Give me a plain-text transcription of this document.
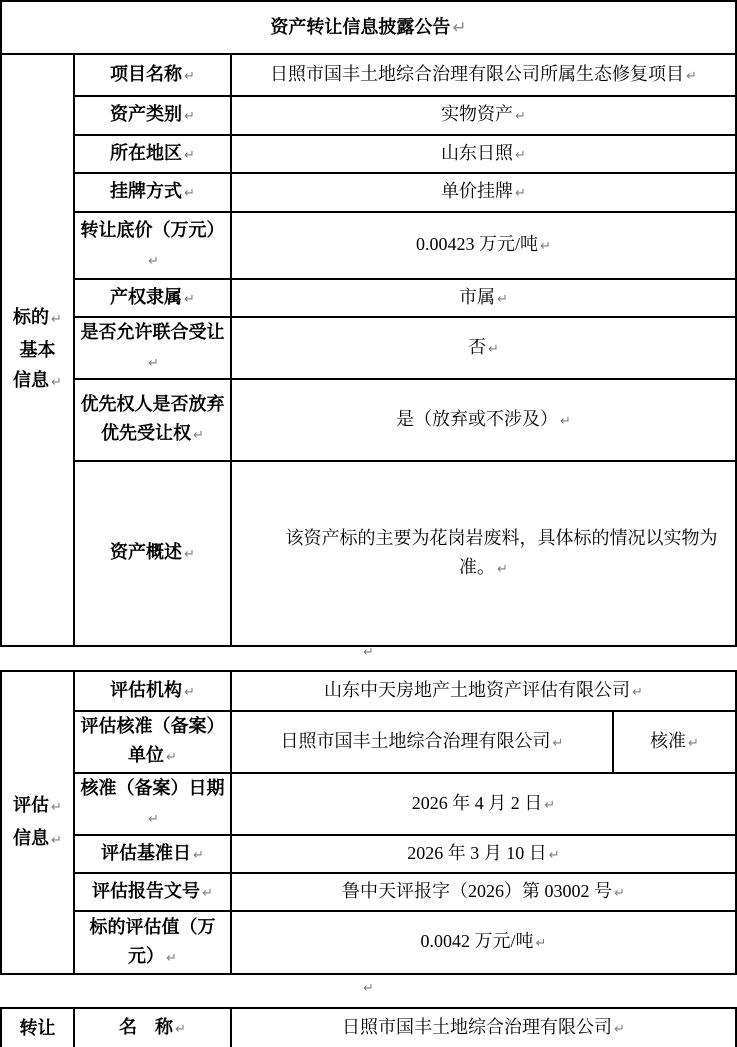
资产转让信息披露公告 ↵		

标的 ↵
基本
信息 ↵	项目名称 ↵	日照市国丰土地综合治理有限公司所属生态修复项目 ↵
	资产类别 ↵	实物资产 ↵
	所在地区 ↵	山东日照 ↵
	挂牌方式 ↵	单价挂牌 ↵
	转让底价（万元）↵	0.00423 万元/吨 ↵
	产权隶属 ↵	市属 ↵
	是否允许联合受让↵	否 ↵
	优先权人是否放弃优先受让权 ↵	是（放弃或不涉及） ↵
	资产概述 ↵	该资产标的主要为花岗岩废料，具体标的情况以实物为准。 ↵
↵
评估 ↵
信息 ↵	评估机构 ↵	山东中天房地产土地资产评估有限公司 ↵	
	评估核准（备案）单位 ↵	日照市国丰土地综合治理有限公司 ↵	核准 ↵
	核准（备案）日期↵	2026 年 4 月 2 日 ↵	
	评估基准日 ↵	2026 年 3 月 10 日 ↵	
	评估报告文号 ↵	鲁中天评报字（2026）第 03002 号 ↵	
	标的评估值（万元） ↵	0.0042 万元/吨 ↵	
↵
转让	名　称 ↵	日照市国丰土地综合治理有限公司 ↵
